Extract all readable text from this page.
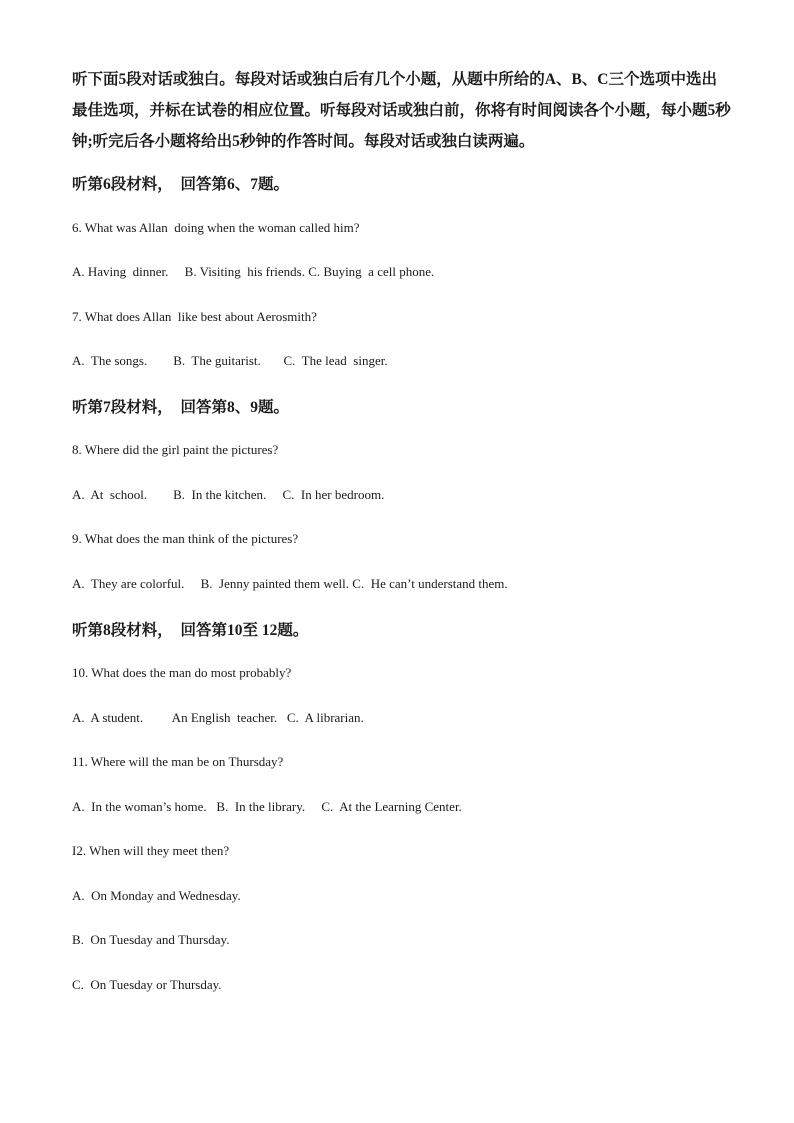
听下面5段对话或独白。每段对话或独白后有几个小题，从题中所给的A、B、C三个选项中选出最佳选项，并标在试卷的相应位置。听每段对话或独白前，你将有时间阅读各个小题，每小题5秒钟;听完后各小题将给出5秒钟的作答时间。每段对话或独白读两遍。

听第6段材料，  回答第6、7题。

6. What was Allan  doing when the woman called him?

A. Having  dinner.     B. Visiting  his friends. C. Buying  a cell phone.

7. What does Allan  like best about Aerosmith?

A.  The songs.        B.  The guitarist.       C.  The lead  singer.

听第7段材料，  回答第8、9题。

8. Where did the girl paint the pictures?

A.  At  school.        B.  In the kitchen.     C.  In her bedroom.

9. What does the man think of the pictures?

A.  They are colorful.     B.  Jenny painted them well. C.  He can’t understand them.

听第8段材料，  回答第10至 12题。

10. What does the man do most probably?

A.  A student.         An English  teacher.   C.  A librarian.

11. Where will the man be on Thursday?

A.  In the woman’s home.   B.  In the library.     C.  At the Learning Center.

I2. When will they meet then?

A.  On Monday and Wednesday.

B.  On Tuesday and Thursday.

C.  On Tuesday or Thursday.
